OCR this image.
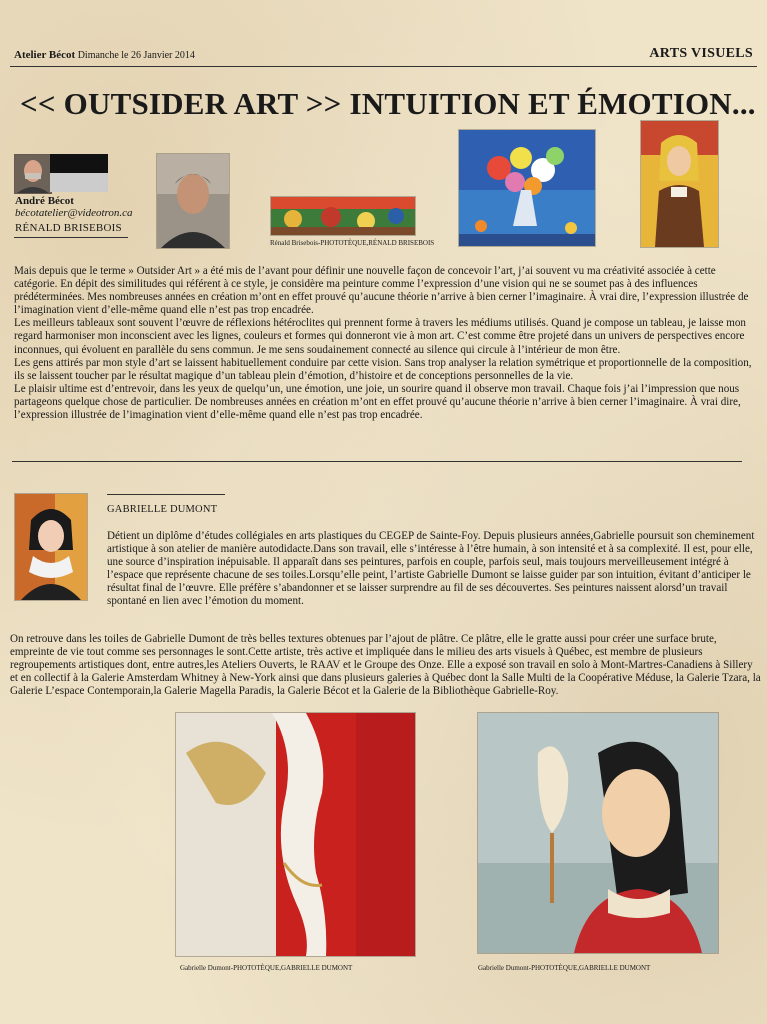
Atelier Bécot Dimanche le 26 Janvier 2014	ARTS VISUELS
<< OUTSIDER ART >> INTUITION ET ÉMOTION...
André Bécot
bécotatelier@videotron.ca
RÉNALD BRISEBOIS
Rénald Brisebois-PHOTOTÈQUE,RÉNALD BRISEBOIS

Mais depuis que le terme » Outsider Art » a été mis de l’avant pour définir une nouvelle façon de concevoir l’art, j’ai souvent vu ma créativité associée à cette catégorie. En dépit des similitudes qui référent à ce style, je considère ma peinture comme l’expression d’une vision qui ne se soumet pas à des influences prédéterminées. Mes nombreuses années en création m’ont en effet prouvé qu’aucune théorie n’arrive à bien cerner l’imaginaire. À vrai dire, l’expression illustrée de l’imagination vient d’elle-même quand elle n’est pas trop encadrée.

Les meilleurs tableaux sont souvent l’œuvre de réflexions hétéroclites qui prennent forme à travers les médiums utilisés. Quand je compose un tableau, je laisse mon regard harmoniser mon inconscient avec les lignes, couleurs et formes qui donneront vie à mon art. C’est comme être projeté dans un univers de perspectives encore inconnues, qui évoluent en parallèle du sens commun. Je me sens soudainement connecté au silence qui circule à l’intérieur de mon être.

Les gens attirés par mon style d’art se laissent habituellement conduire par cette vision. Sans trop analyser la relation symétrique et proportionnelle de la composition, ils se laissent toucher par le résultat magique d’un tableau plein d’émotion, d’histoire et de conceptions personnelles de la vie.

Le plaisir ultime est d’entrevoir, dans les yeux de quelqu’un, une émotion, une joie, un sourire quand il observe mon travail. Chaque fois j’ai l’impression que nous partageons quelque chose de particulier. De nombreuses années en création m’ont en effet prouvé qu’aucune théorie n’arrive à bien cerner l’imaginaire. À vrai dire, l’expression illustrée de l’imagination vient d’elle-même quand elle n’est pas trop encadrée.

GABRIELLE DUMONT

Détient un diplôme d’études collégiales en arts plastiques du CEGEP de Sainte-Foy. Depuis plusieurs années,Gabrielle poursuit son cheminement artistique à son atelier de manière autodidacte.Dans son travail, elle s’intéresse à l’être humain, à son intensité et à sa complexité. Il est, pour elle, une source d’inspiration inépuisable. Il apparaît dans ses peintures, parfois en couple, parfois seul, mais toujours merveilleusement intégré à l’espace que représente chacune de ses toiles.Lorsqu’elle peint, l’artiste Gabrielle Dumont se laisse guider par son intuition, évitant d’anticiper le résultat final de l’œuvre. Elle préfère s’abandonner et se laisser surprendre au fil de ses découvertes. Ses peintures naissent alorsd’un travail spontané en lien avec l’émotion du moment.

On retrouve dans les toiles de Gabrielle Dumont de très belles textures obtenues par l’ajout de plâtre. Ce plâtre, elle le gratte aussi pour créer une surface brute, empreinte de vie tout comme ses personnages le sont.Cette artiste, très active et impliquée dans le milieu des arts visuels à Québec, est membre de plusieurs regroupements artistiques dont, entre autres,les Ateliers Ouverts, le RAAV et le Groupe des Onze. Elle a exposé son travail en solo à Mont-Martres-Canadiens à Sillery et en collectif à la Galerie Amsterdam Whitney à New-York ainsi que dans plusieurs galeries à Québec dont la Salle Multi de la Coopérative Méduse, la Galerie Tzara, la Galerie L’espace Contemporain,la Galerie Magella Paradis, la Galerie Bécot et la Galerie de la Bibliothèque Gabrielle-Roy.

Gabrielle Dumont-PHOTOTÈQUE,GABRIELLE DUMONT	Gabrielle Dumont-PHOTOTÈQUE,GABRIELLE DUMONT
